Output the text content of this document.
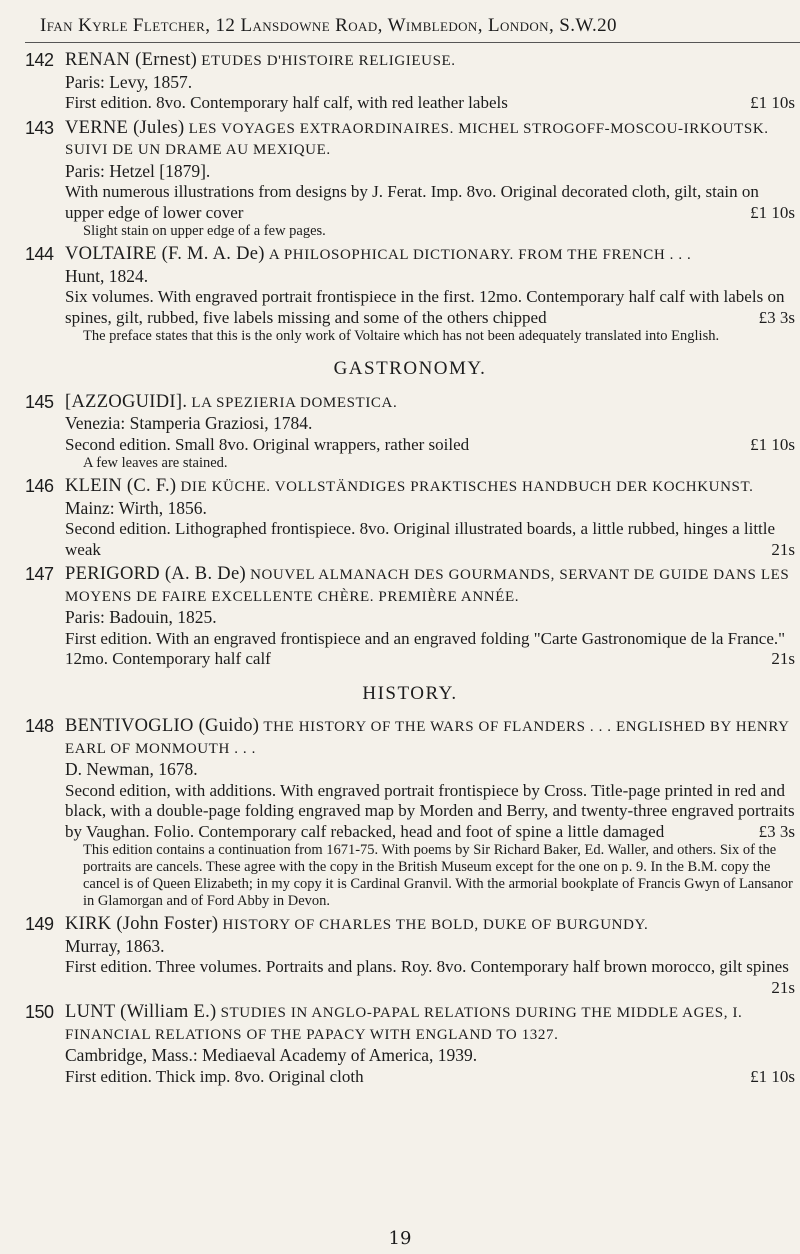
Ifan Kyrle Fletcher, 12 Lansdowne Road, Wimbledon, London, S.W.20
142 RENAN (Ernest) ETUDES D'HISTOIRE RELIGIEUSE.
Paris: Levy, 1857.
First edition. 8vo. Contemporary half calf, with red leather labels	£1 10s
143 VERNE (Jules) LES VOYAGES EXTRAORDINAIRES. MICHEL STROGOFF-MOSCOU-IRKOUTSK. SUIVI DE UN DRAME AU MEXIQUE.
Paris: Hetzel [1879].
With numerous illustrations from designs by J. Ferat. Imp. 8vo. Original decorated cloth, gilt, stain on upper edge of lower cover	£1 10s
Slight stain on upper edge of a few pages.
144 VOLTAIRE (F. M. A. De) A PHILOSOPHICAL DICTIONARY. FROM THE FRENCH . . .
Hunt, 1824.
Six volumes. With engraved portrait frontispiece in the first. 12mo. Contemporary half calf with labels on spines, gilt, rubbed, five labels missing and some of the others chipped	£3 3s
The preface states that this is the only work of Voltaire which has not been adequately translated into English.
GASTRONOMY.
145 [AZZOGUIDI]. LA SPEZIERIA DOMESTICA.
Venezia: Stamperia Graziosi, 1784.
Second edition. Small 8vo. Original wrappers, rather soiled	£1 10s
A few leaves are stained.
146 KLEIN (C. F.) DIE KÜCHE. VOLLSTÄNDIGES PRAKTISCHES HANDBUCH DER KOCHKUNST.
Mainz: Wirth, 1856.
Second edition. Lithographed frontispiece. 8vo. Original illustrated boards, a little rubbed, hinges a little weak	21s
147 PERIGORD (A. B. De) NOUVEL ALMANACH DES GOURMANDS, SERVANT DE GUIDE DANS LES MOYENS DE FAIRE EXCELLENTE CHÈRE. PREMIÈRE ANNÉE.
Paris: Badouin, 1825.
First edition. With an engraved frontispiece and an engraved folding "Carte Gastronomique de la France." 12mo. Contemporary half calf	21s
HISTORY.
148 BENTIVOGLIO (Guido) THE HISTORY OF THE WARS OF FLANDERS . . . ENGLISHED BY HENRY EARL OF MONMOUTH . . .
D. Newman, 1678.
Second edition, with additions. With engraved portrait frontispiece by Cross. Title-page printed in red and black, with a double-page folding engraved map by Morden and Berry, and twenty-three engraved portraits by Vaughan. Folio. Contemporary calf rebacked, head and foot of spine a little damaged	£3 3s
This edition contains a continuation from 1671-75. With poems by Sir Richard Baker, Ed. Waller, and others. Six of the portraits are cancels. These agree with the copy in the British Museum except for the one on p. 9. In the B.M. copy the cancel is of Queen Elizabeth; in my copy it is Cardinal Granvil. With the armorial bookplate of Francis Gwyn of Lansanor in Glamorgan and of Ford Abby in Devon.
149 KIRK (John Foster) HISTORY OF CHARLES THE BOLD, DUKE OF BURGUNDY.
Murray, 1863.
First edition. Three volumes. Portraits and plans. Roy. 8vo. Contemporary half brown morocco, gilt spines
21s
150 LUNT (William E.) STUDIES IN ANGLO-PAPAL RELATIONS DURING THE MIDDLE AGES, I. FINANCIAL RELATIONS OF THE PAPACY WITH ENGLAND TO 1327.
Cambridge, Mass.: Mediaeval Academy of America, 1939.
First edition. Thick imp. 8vo. Original cloth	£1 10s
19
